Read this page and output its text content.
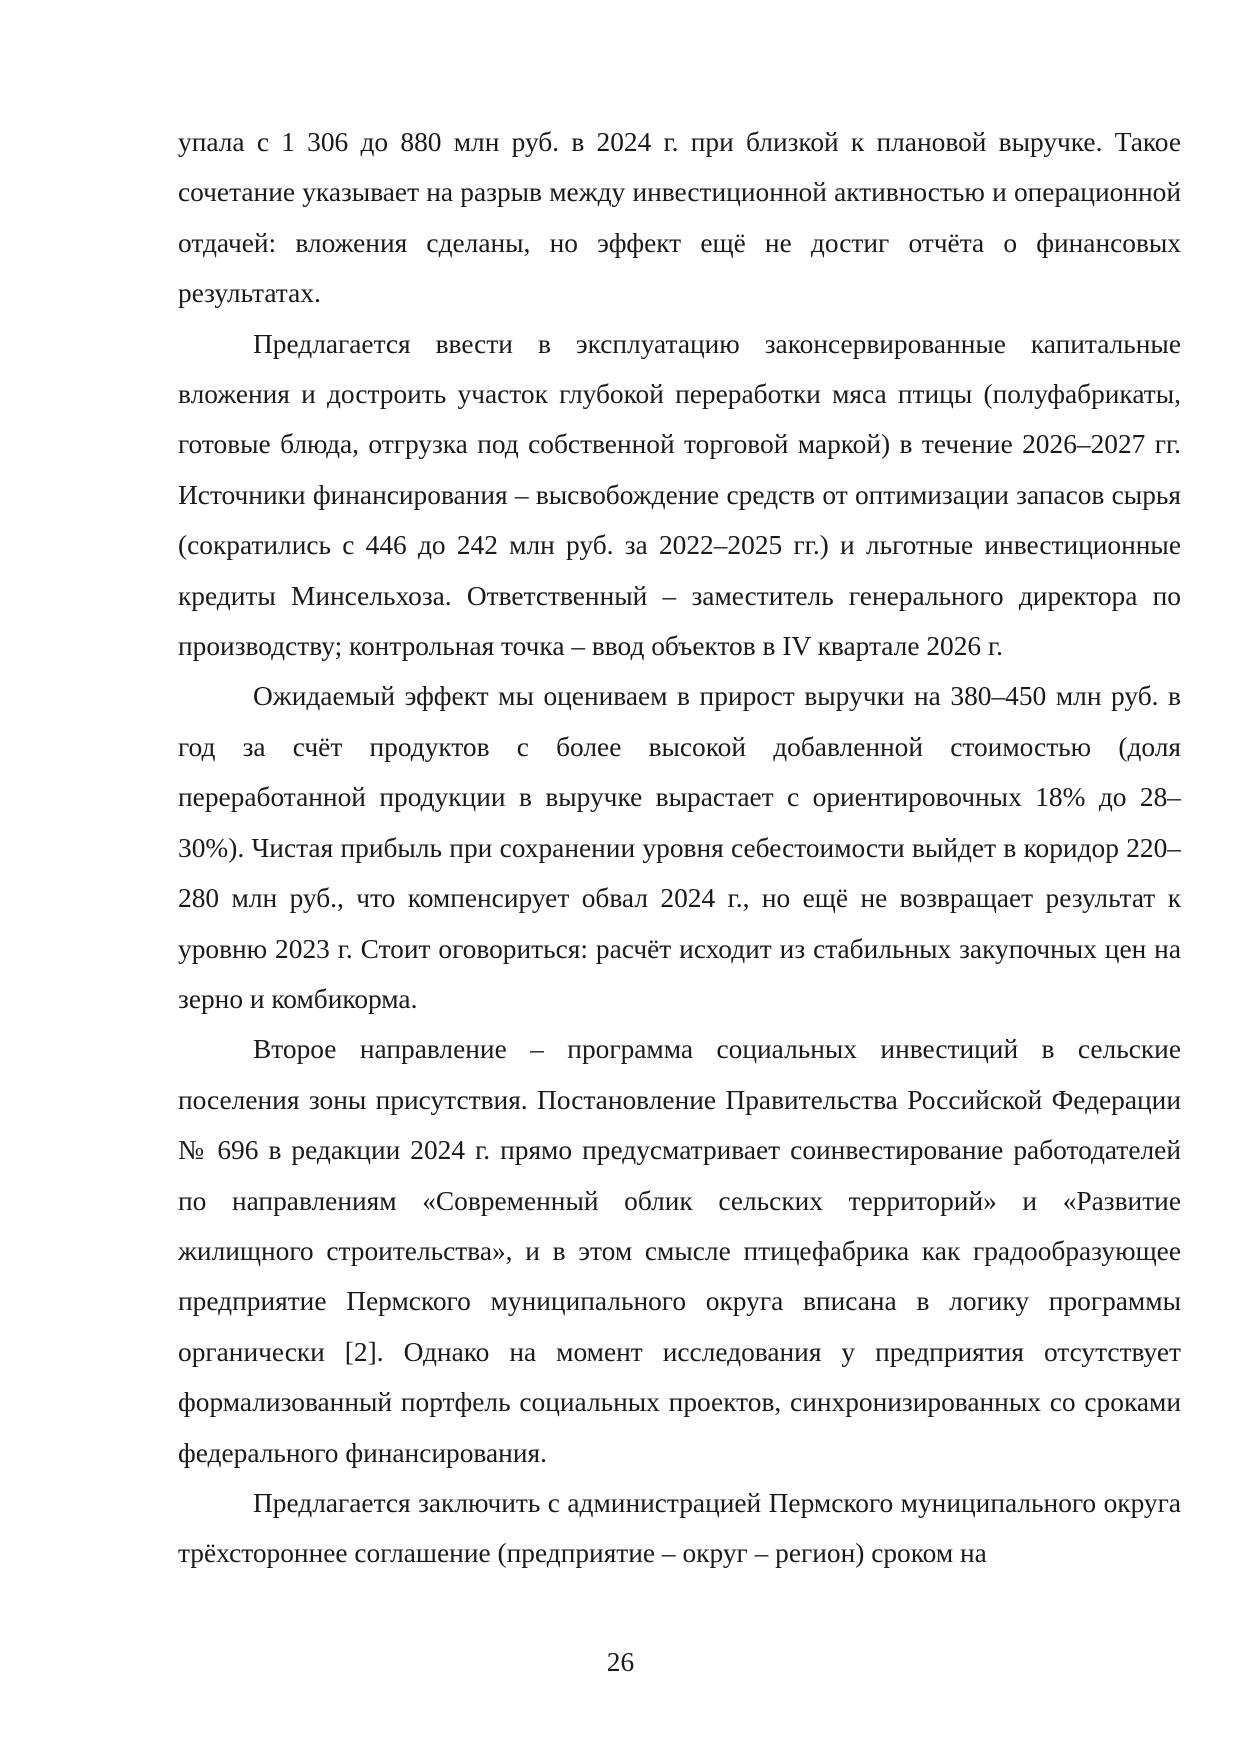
упала с 1 306 до 880 млн руб. в 2024 г. при близкой к плановой выручке. Такое сочетание указывает на разрыв между инвестиционной активностью и операционной отдачей: вложения сделаны, но эффект ещё не достиг отчёта о финансовых результатах.

Предлагается ввести в эксплуатацию законсервированные капитальные вложения и достроить участок глубокой переработки мяса птицы (полуфабрикаты, готовые блюда, отгрузка под собственной торговой маркой) в течение 2026–2027 гг. Источники финансирования – высвобождение средств от оптимизации запасов сырья (сократились с 446 до 242 млн руб. за 2022–2025 гг.) и льготные инвестиционные кредиты Минсельхоза. Ответственный – заместитель генерального директора по производству; контрольная точка – ввод объектов в IV квартале 2026 г.

Ожидаемый эффект мы оцениваем в прирост выручки на 380–450 млн руб. в год за счёт продуктов с более высокой добавленной стоимостью (доля переработанной продукции в выручке вырастает с ориентировочных 18% до 28–30%). Чистая прибыль при сохранении уровня себестоимости выйдет в коридор 220–280 млн руб., что компенсирует обвал 2024 г., но ещё не возвращает результат к уровню 2023 г. Стоит оговориться: расчёт исходит из стабильных закупочных цен на зерно и комбикорма.

Второе направление – программа социальных инвестиций в сельские поселения зоны присутствия. Постановление Правительства Российской Федерации № 696 в редакции 2024 г. прямо предусматривает соинвестирование работодателей по направлениям «Современный облик сельских территорий» и «Развитие жилищного строительства», и в этом смысле птицефабрика как градообразующее предприятие Пермского муниципального округа вписана в логику программы органически [2]. Однако на момент исследования у предприятия отсутствует формализованный портфель социальных проектов, синхронизированных со сроками федерального финансирования.

Предлагается заключить с администрацией Пермского муниципального округа трёхстороннее соглашение (предприятие – округ – регион) сроком на

26
